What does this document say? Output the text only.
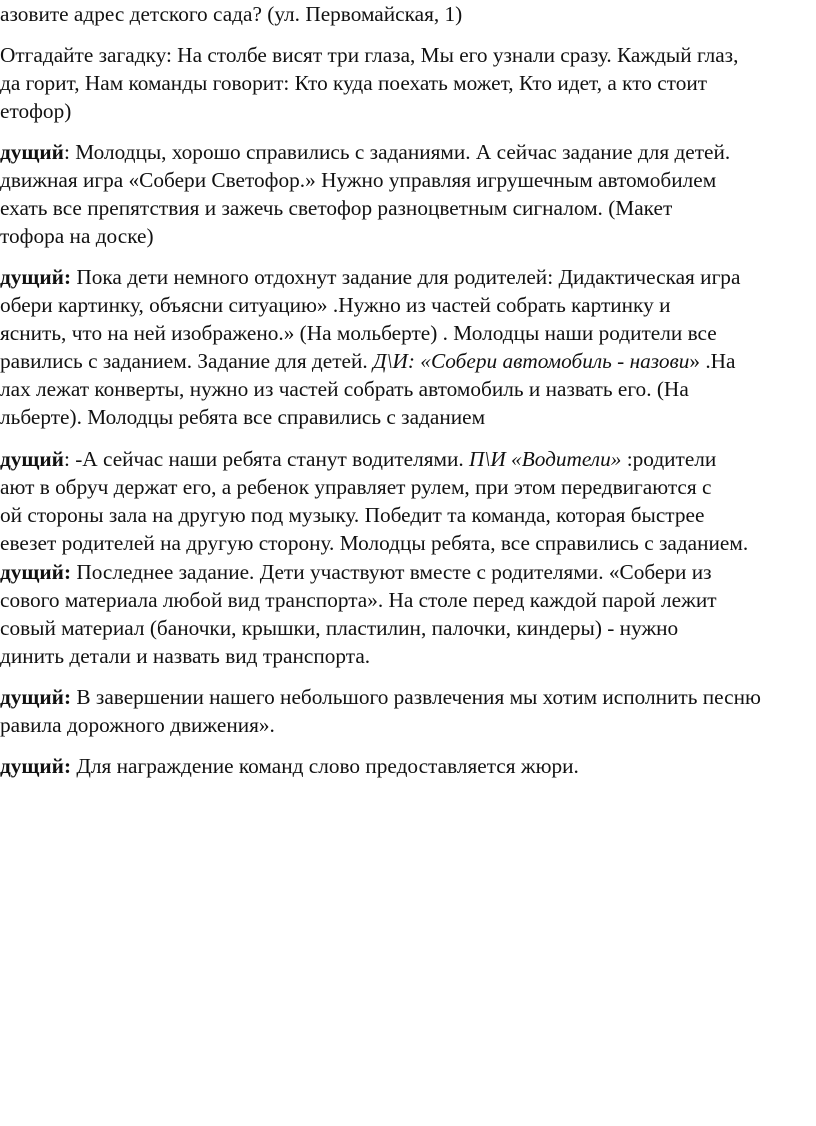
азовите адрес детского сада? (ул. Первомайская, 1)
Отгадайте загадку: На столбе висят три глаза, Мы его узнали сразу. Каждый глаз,
да горит, Нам команды говорит: Кто куда поехать может, Кто идет, а кто стоит
етофор)
дущий: Молодцы, хорошо справились с заданиями. А сейчас задание для детей.
движная игра «Собери Светофор.» Нужно управляя игрушечным автомобилем
ехать все препятствия и зажечь светофор разноцветным сигналом. (Макет
тофора на доске)
дущий: Пока дети немного отдохнут задание для родителей: Дидактическая игра
обери картинку, объясни ситуацию» .Нужно из частей собрать картинку и
яснить, что на ней изображено.» (На мольберте) . Молодцы наши родители все
равились с заданием. Задание для детей. Д\И: «Собери автомобиль - назови» .На
лах лежат конверты, нужно из частей собрать автомобиль и назвать его. (На
льберте). Молодцы ребята все справились с заданием
дущий: -А сейчас наши ребята станут водителями. П\И «Водители» :родители
ают в обруч держат его, а ребенок управляет рулем, при этом передвигаются с
ой стороны зала на другую под музыку. Победит та команда, которая быстрее
евезет родителей на другую сторону. Молодцы ребята, все справились с заданием.
дущий: Последнее задание. Дети участвуют вместе с родителями. «Собери из
сового материала любой вид транспорта». На столе перед каждой парой лежит
совый материал (баночки, крышки, пластилин, палочки, киндеры) - нужно
динить детали и назвать вид транспорта.
дущий: В завершении нашего небольшого развлечения мы хотим исполнить песню
равила дорожного движения».
дущий: Для награждение команд слово предоставляется жюри.
